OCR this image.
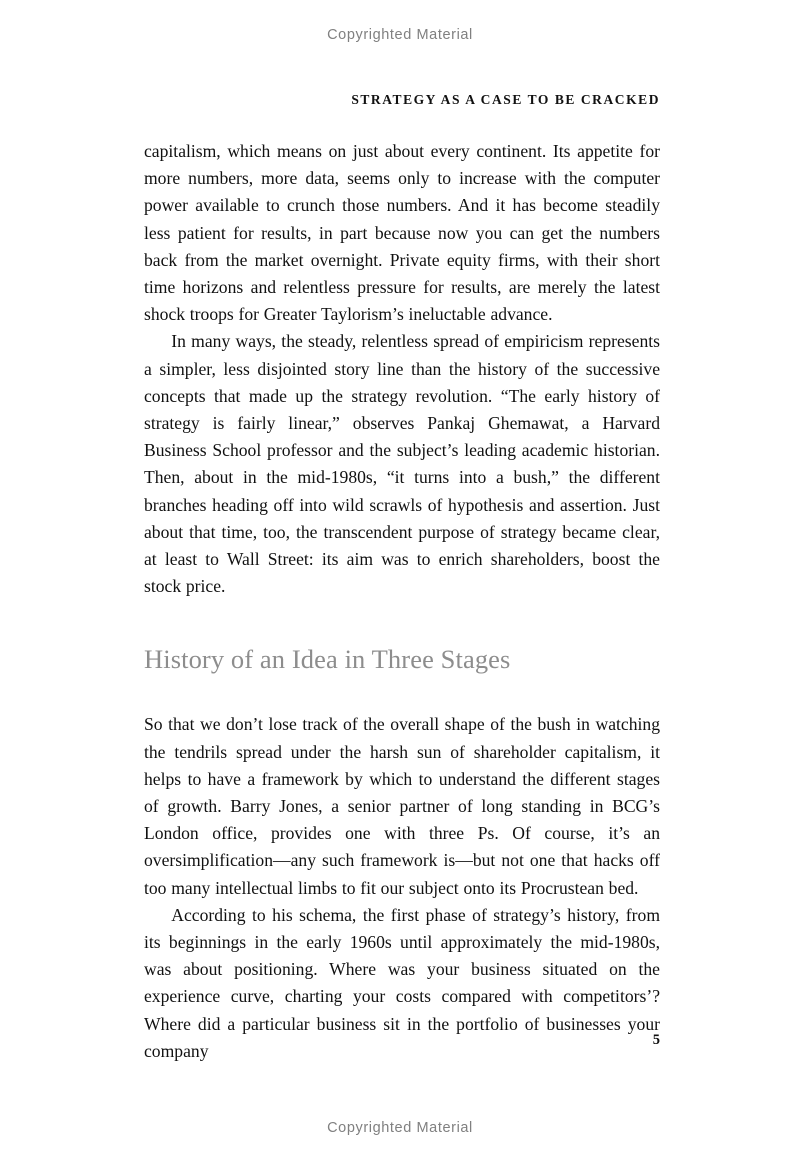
Copyrighted Material
STRATEGY AS A CASE TO BE CRACKED

capitalism, which means on just about every continent. Its appetite for more numbers, more data, seems only to increase with the computer power available to crunch those numbers. And it has become steadily less patient for results, in part because now you can get the numbers back from the market overnight. Private equity firms, with their short time horizons and relentless pressure for results, are merely the latest shock troops for Greater Taylorism’s ineluctable advance.

In many ways, the steady, relentless spread of empiricism represents a simpler, less disjointed story line than the history of the successive concepts that made up the strategy revolution. “The early history of strategy is fairly linear,” observes Pankaj Ghemawat, a Harvard Business School professor and the subject’s leading academic historian. Then, about in the mid-1980s, “it turns into a bush,” the different branches heading off into wild scrawls of hypothesis and assertion. Just about that time, too, the transcendent purpose of strategy became clear, at least to Wall Street: its aim was to enrich shareholders, boost the stock price.

History of an Idea in Three Stages

So that we don’t lose track of the overall shape of the bush in watching the tendrils spread under the harsh sun of shareholder capitalism, it helps to have a framework by which to understand the different stages of growth. Barry Jones, a senior partner of long standing in BCG’s London office, provides one with three Ps. Of course, it’s an oversimplification—any such framework is—but not one that hacks off too many intellectual limbs to fit our subject onto its Procrustean bed.

According to his schema, the first phase of strategy’s history, from its beginnings in the early 1960s until approximately the mid-1980s, was about positioning. Where was your business situated on the experience curve, charting your costs compared with competitors’? Where did a particular business sit in the portfolio of businesses your company

5
Copyrighted Material
